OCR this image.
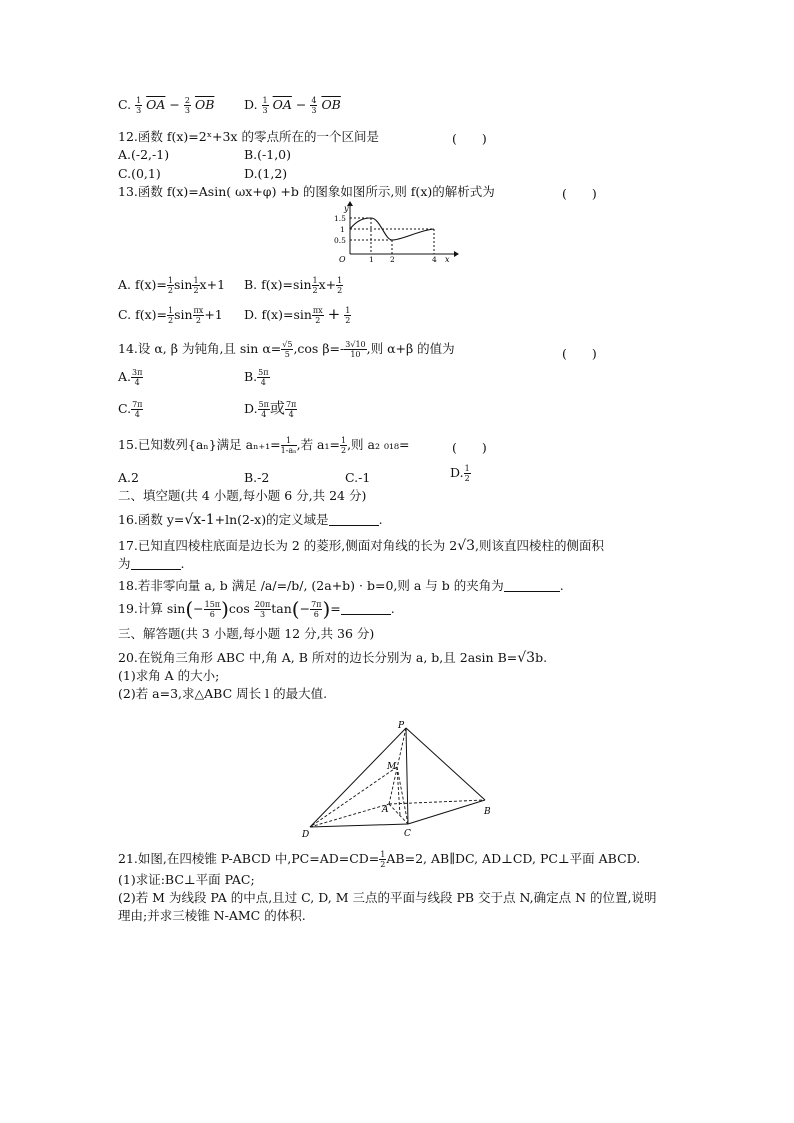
C. $\frac{1}{3} \overline{OA} - \frac{2}{3} \overline{OB}$ D. $\frac{1}{3} \overline{OA} - \frac{4}{3} \overline{OB}$
12.函数 f(x)=2ˣ+3x 的零点所在的一个区间是	(　　)
A.(-2,-1)	B.(-1,0)
C.(0,1)	D.(1,2)
13.函数 f(x)=Asin( ωx+φ) +b 的图象如图所示,则 f(x)的解析式为	(　　)
y
x
O
1.5
1
0.5
1 2	4
A. $f(x)= \frac{1}{2}$ $\sin \frac{1}{2} x+1$ B. $f(x)=\sin \frac{1}{2} x+ \frac{1}{2}$
C. $f(x)= \frac{1}{2}$ $\sin \frac{\pi x}{2} +1$ D. $f(x)=\sin \frac{\pi x}{2} + \frac{1}{2}$
14.设 α, β 为钝角,且 $\sin \alpha= \frac{√5}{5} ,\cos$ $\beta=- \frac{3√10}{10}$ ,则 α+β 的值为	(　　)
A. $\frac{3\pi}{4}$	B. $\frac{5\pi}{4}$
C. $\frac{7\pi}{4}$	D. $\frac{5\pi}{4}$ 或 $\frac{7\pi}{4}$
15.已知数列{aₙ}满足 $a_{n+1}= \frac{1}{\text{1-aₙ}}$ ,若 $a_1= \frac{1}{2}$ ,则 a₂ ₀₁₈=	(　　)
A.2	B.-2	C.-1	D. $\frac{1}{2}$
二、填空题(共 4 小题,每小题 6 分,共 24 分)
16.函数 y=√x-1+ln(2-x)的定义域是	.
17.已知直四棱柱底面是边长为 2 的菱形,侧面对角线的长为 2√3,则该直四棱柱的侧面积
为	.
18.若非零向量 a, b 满足 /a/=/b/, (2a+b) · b=0,则 a 与 b 的夹角为	.
19.计算 $\sin(- \frac{15\pi}{6} )\cos \frac{20\pi}{3} \tan(- \frac{7\pi}{6}$ )=	.
三、解答题(共 3 小题,每小题 12 分,共 36 分)
20.在锐角三角形 ABC 中,角 A, B 所对的边长分别为 a, b,且 2asin B=√3b.
(1)求角 A 的大小;
(2)若 a=3,求△ABC 周长 l 的最大值.
P
M
A	B
C
D
21.如图,在四棱锥 P-ABCD 中$,PC=AD=CD= \frac{1}{2} AB=2$, AB∥DC, AD⊥CD, PC⊥平面 ABCD.
(1)求证:BC⊥平面 PAC;
(2)若 M 为线段 PA 的中点,且过 C, D, M 三点的平面与线段 PB 交于点 N,确定点 N 的位置,说明
理由;并求三棱锥 N-AMC 的体积.
